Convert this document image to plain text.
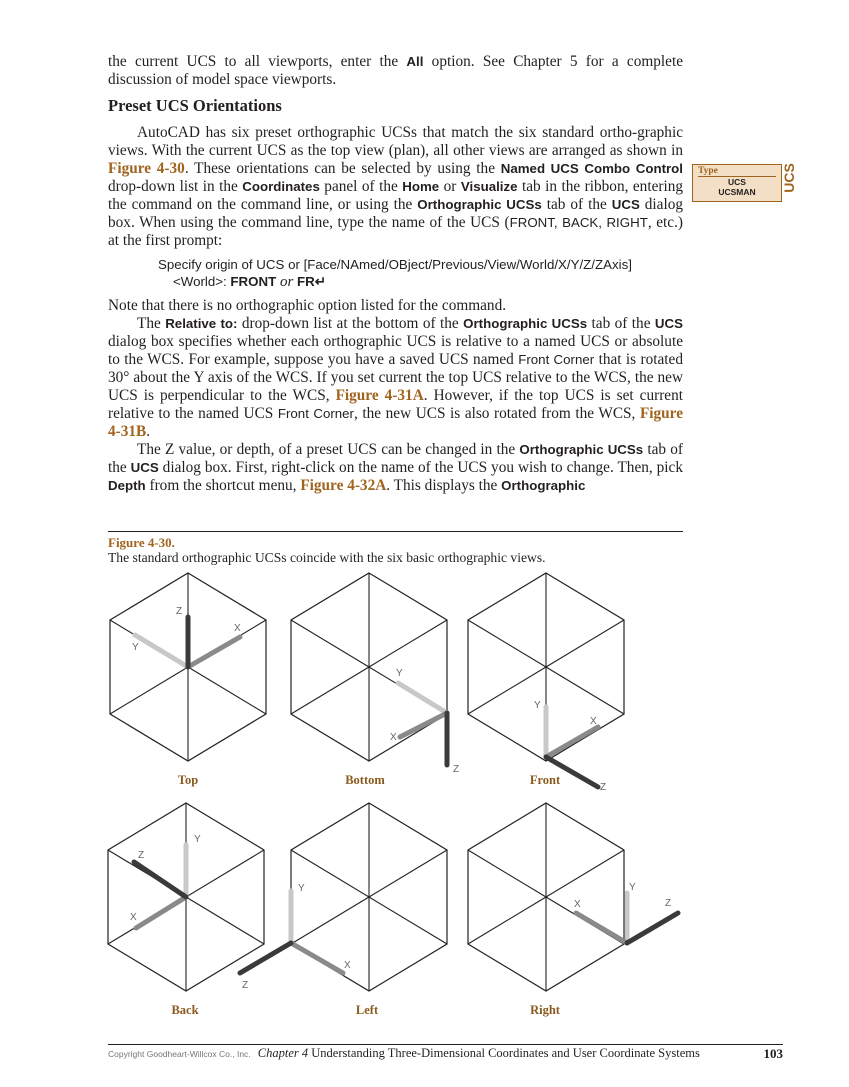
the current UCS to all viewports, enter the All option. See Chapter 5 for a complete discussion of model space viewports.

Preset UCS Orientations

AutoCAD has six preset orthographic UCSs that match the six standard ortho-graphic views. With the current UCS as the top view (plan), all other views are arranged as shown in Figure 4-30. These orientations can be selected by using the Named UCS Combo Control drop-down list in the Coordinates panel of the Home or Visualize tab in the ribbon, entering the command on the command line, or using the Orthographic UCSs tab of the UCS dialog box. When using the command line, type the name of the UCS (FRONT, BACK, RIGHT, etc.) at the first prompt:

Specify origin of UCS or [Face/NAmed/OBject/Previous/View/World/X/Y/Z/ZAxis]
<World>: FRONT or FR↵

Note that there is no orthographic option listed for the command.

The Relative to: drop-down list at the bottom of the Orthographic UCSs tab of the UCS dialog box specifies whether each orthographic UCS is relative to a named UCS or absolute to the WCS. For example, suppose you have a saved UCS named Front Corner that is rotated 30° about the Y axis of the WCS. If you set current the top UCS relative to the WCS, the new UCS is perpendicular to the WCS, Figure 4-31A. However, if the top UCS is set current relative to the named UCS Front Corner, the new UCS is also rotated from the WCS, Figure 4-31B.

The Z value, or depth, of a preset UCS can be changed in the Orthographic UCSs tab of the UCS dialog box. First, right-click on the name of the UCS you wish to change. Then, pick Depth from the shortcut menu, Figure 4-32A. This displays the Orthographic

Type
UCS
UCSMAN	UCS
Figure 4-30.
The standard orthographic UCSs coincide with the six basic orthographic views.
Y
X
Z
Y
X
Z
Y
X
Z
Y
X
Z
Y
X
Z
Y
X	Z
Top	Bottom	Front
Back	Left	Right
Copyright Goodheart-Willcox Co., Inc. Chapter 4 Understanding Three-Dimensional Coordinates and User Coordinate Systems	103
